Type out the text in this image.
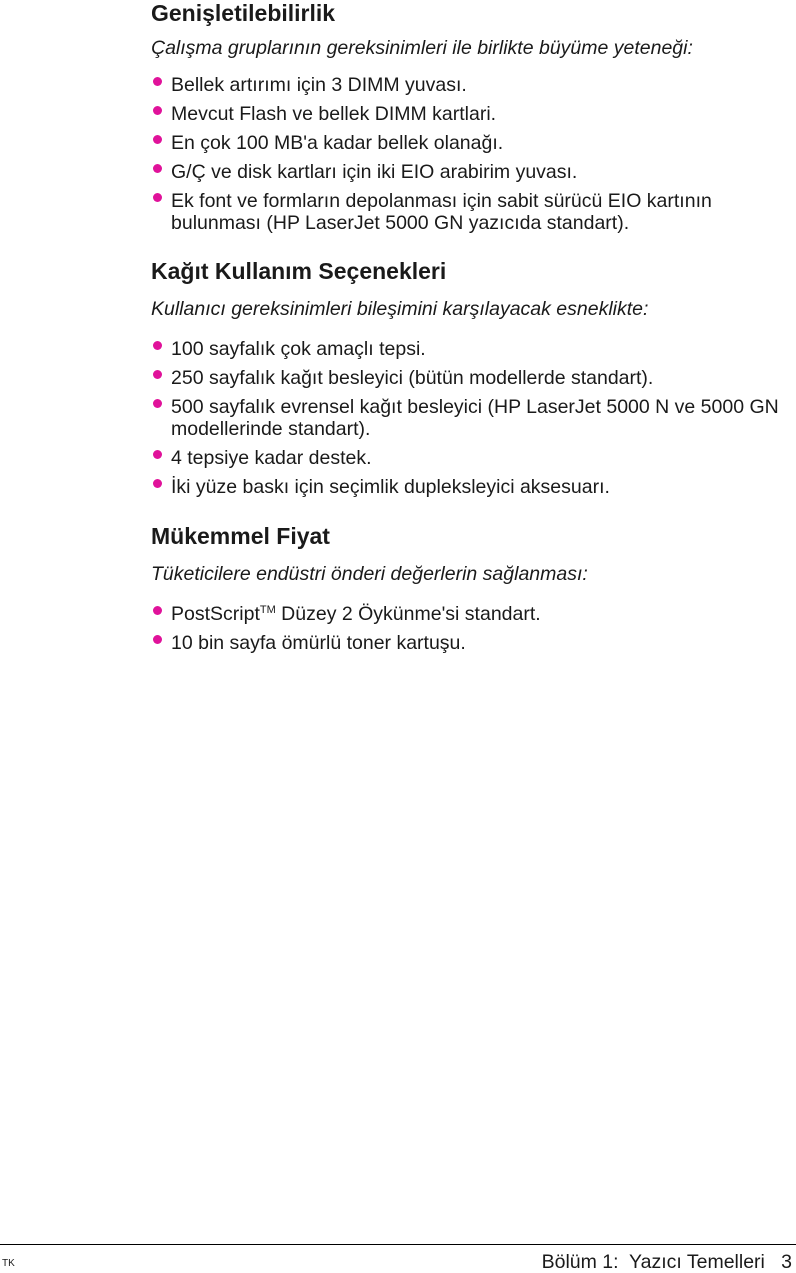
Genişletilebilirlik

Çalışma gruplarının gereksinimleri ile birlikte büyüme yeteneği:

Bellek artırımı için 3 DIMM yuvası.
Mevcut Flash ve bellek DIMM kartlari.
En çok 100 MB'a kadar bellek olanağı.
G/Ç ve disk kartları için iki EIO arabirim yuvası.
Ek font ve formların depolanması için sabit sürücü EIO kartının bulunması (HP LaserJet 5000 GN yazıcıda standart).
Kağıt Kullanım Seçenekleri

Kullanıcı gereksinimleri bileşimini karşılayacak esneklikte:

100 sayfalık çok amaçlı tepsi.
250 sayfalık kağıt besleyici (bütün modellerde standart).
500 sayfalık evrensel kağıt besleyici (HP LaserJet 5000 N ve 5000 GN modellerinde standart).
4 tepsiye kadar destek.
İki yüze baskı için seçimlik dupleksleyici aksesuarı.
Mükemmel Fiyat

Tüketicilere endüstri önderi değerlerin sağlanması:

PostScript™ Düzey 2 Öykünme'si standart.
10 bin sayfa ömürlü toner kartuşu.
TK	Bölüm 1:  Yazıcı Temelleri 3
